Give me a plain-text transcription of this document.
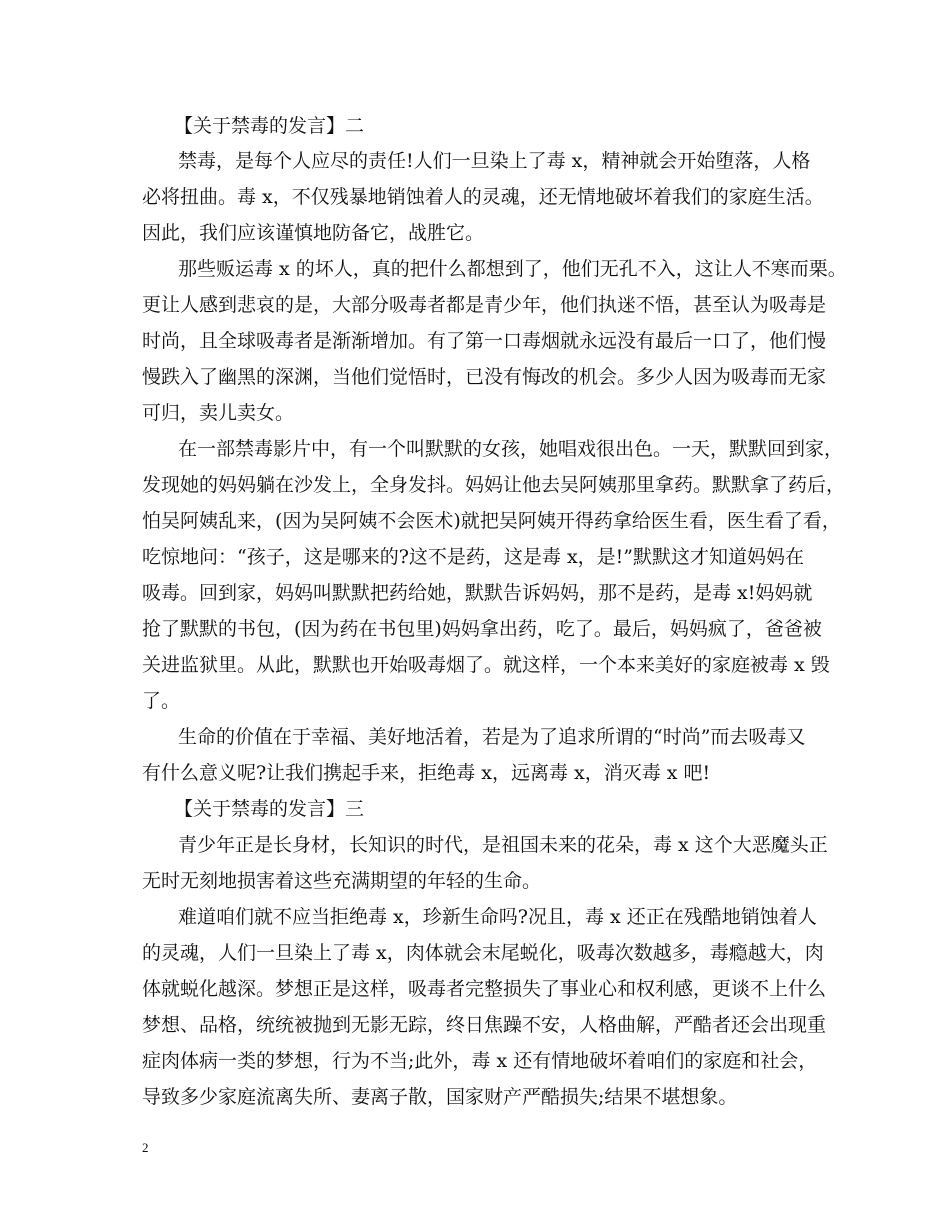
【关于禁毒的发言】二
禁毒，是每个人应尽的责任!人们一旦染上了毒 x，精神就会开始堕落，人格
必将扭曲。毒 x，不仅残暴地销蚀着人的灵魂，还无情地破坏着我们的家庭生活。
因此，我们应该谨慎地防备它，战胜它。
那些贩运毒 x 的坏人，真的把什么都想到了，他们无孔不入，这让人不寒而栗。
更让人感到悲哀的是，大部分吸毒者都是青少年，他们执迷不悟，甚至认为吸毒是
时尚，且全球吸毒者是渐渐增加。有了第一口毒烟就永远没有最后一口了，他们慢
慢跌入了幽黑的深渊，当他们觉悟时，已没有悔改的机会。多少人因为吸毒而无家
可归，卖儿卖女。
在一部禁毒影片中，有一个叫默默的女孩，她唱戏很出色。一天，默默回到家，
发现她的妈妈躺在沙发上，全身发抖。妈妈让他去吴阿姨那里拿药。默默拿了药后，
怕吴阿姨乱来，(因为吴阿姨不会医术)就把吴阿姨开得药拿给医生看，医生看了看，
吃惊地问：“孩子，这是哪来的?这不是药，这是毒 x，是!”默默这才知道妈妈在
吸毒。回到家，妈妈叫默默把药给她，默默告诉妈妈，那不是药，是毒 x!妈妈就
抢了默默的书包，(因为药在书包里)妈妈拿出药，吃了。最后，妈妈疯了，爸爸被
关进监狱里。从此，默默也开始吸毒烟了。就这样，一个本来美好的家庭被毒 x 毁
了。
生命的价值在于幸福、美好地活着，若是为了追求所谓的“时尚”而去吸毒又
有什么意义呢?让我们携起手来，拒绝毒 x，远离毒 x，消灭毒 x 吧!
【关于禁毒的发言】三
青少年正是长身材，长知识的时代，是祖国未来的花朵，毒 x 这个大恶魔头正
无时无刻地损害着这些充满期望的年轻的生命。
难道咱们就不应当拒绝毒 x，珍新生命吗?况且，毒 x 还正在残酷地销蚀着人
的灵魂，人们一旦染上了毒 x，肉体就会末尾蜕化，吸毒次数越多，毒瘾越大，肉
体就蜕化越深。梦想正是这样，吸毒者完整损失了事业心和权利感，更谈不上什么
梦想、品格，统统被抛到无影无踪，终日焦躁不安，人格曲解，严酷者还会出现重
症肉体病一类的梦想，行为不当;此外，毒 x 还有情地破坏着咱们的家庭和社会，
导致多少家庭流离失所、妻离子散，国家财产严酷损失;结果不堪想象。
2
